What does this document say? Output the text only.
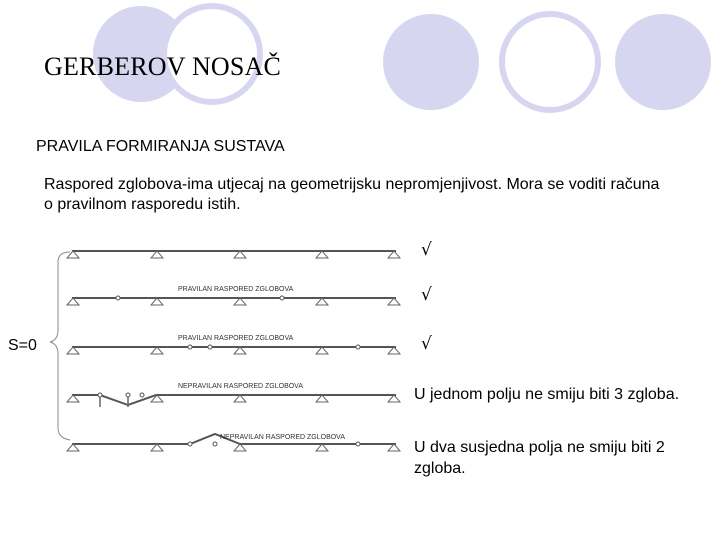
GERBEROV NOSAČ
PRAVILA FORMIRANJA SUSTAVA
Raspored zglobova-ima utjecaj na geometrijsku nepromjenjivost. Mora se voditi računa o pravilnom rasporedu istih.
PRAVILAN RASPORED ZGLOBOVA
PRAVILAN RASPORED ZGLOBOVA
NEPRAVILAN RASPORED ZGLOBOVA
NEPRAVILAN RASPORED ZGLOBOVA
√
√
√
S=0
U jednom polju ne smiju biti 3 zgloba.
U dva susjedna polja ne smiju biti 2 zgloba.
